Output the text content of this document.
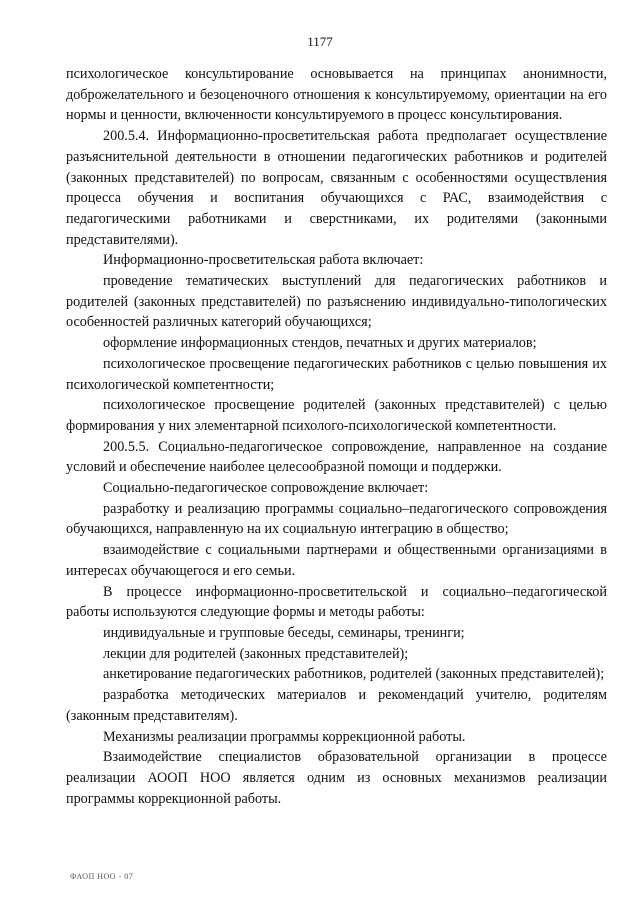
1177

психологическое консультирование основывается на принципах анонимности, доброжелательного и безоценочного отношения к консультируемому, ориентации на его нормы и ценности, включенности консультируемого в процесс консультирования.

200.5.4. Информационно-просветительская работа предполагает осуществление разъяснительной деятельности в отношении педагогических работников и родителей (законных представителей) по вопросам, связанным с особенностями осуществления процесса обучения и воспитания обучающихся с РАС, взаимодействия с педагогическими работниками и сверстниками, их родителями (законными представителями).

Информационно-просветительская работа включает:

проведение тематических выступлений для педагогических работников и родителей (законных представителей) по разъяснению индивидуально-типологических особенностей различных категорий обучающихся;

оформление информационных стендов, печатных и других материалов;

психологическое просвещение педагогических работников с целью повышения их психологической компетентности;

психологическое просвещение родителей (законных представителей) с целью формирования у них элементарной психолого-психологической компетентности.

200.5.5. Социально-педагогическое сопровождение, направленное на создание условий и обеспечение наиболее целесообразной помощи и поддержки.

Социально-педагогическое сопровождение включает:

разработку и реализацию программы социально–педагогического сопровождения обучающихся, направленную на их социальную интеграцию в общество;

взаимодействие с социальными партнерами и общественными организациями в интересах обучающегося и его семьи.

В процессе информационно-просветительской и социально–педагогической работы используются следующие формы и методы работы:

индивидуальные и групповые беседы, семинары, тренинги;

лекции для родителей (законных представителей);

анкетирование педагогических работников, родителей (законных представителей);

разработка методических материалов и рекомендаций учителю, родителям (законным представителям).

Механизмы реализации программы коррекционной работы.

Взаимодействие специалистов образовательной организации в процессе реализации АООП НОО является одним из основных механизмов реализации программы коррекционной работы.

ФАОП НОО - 07
